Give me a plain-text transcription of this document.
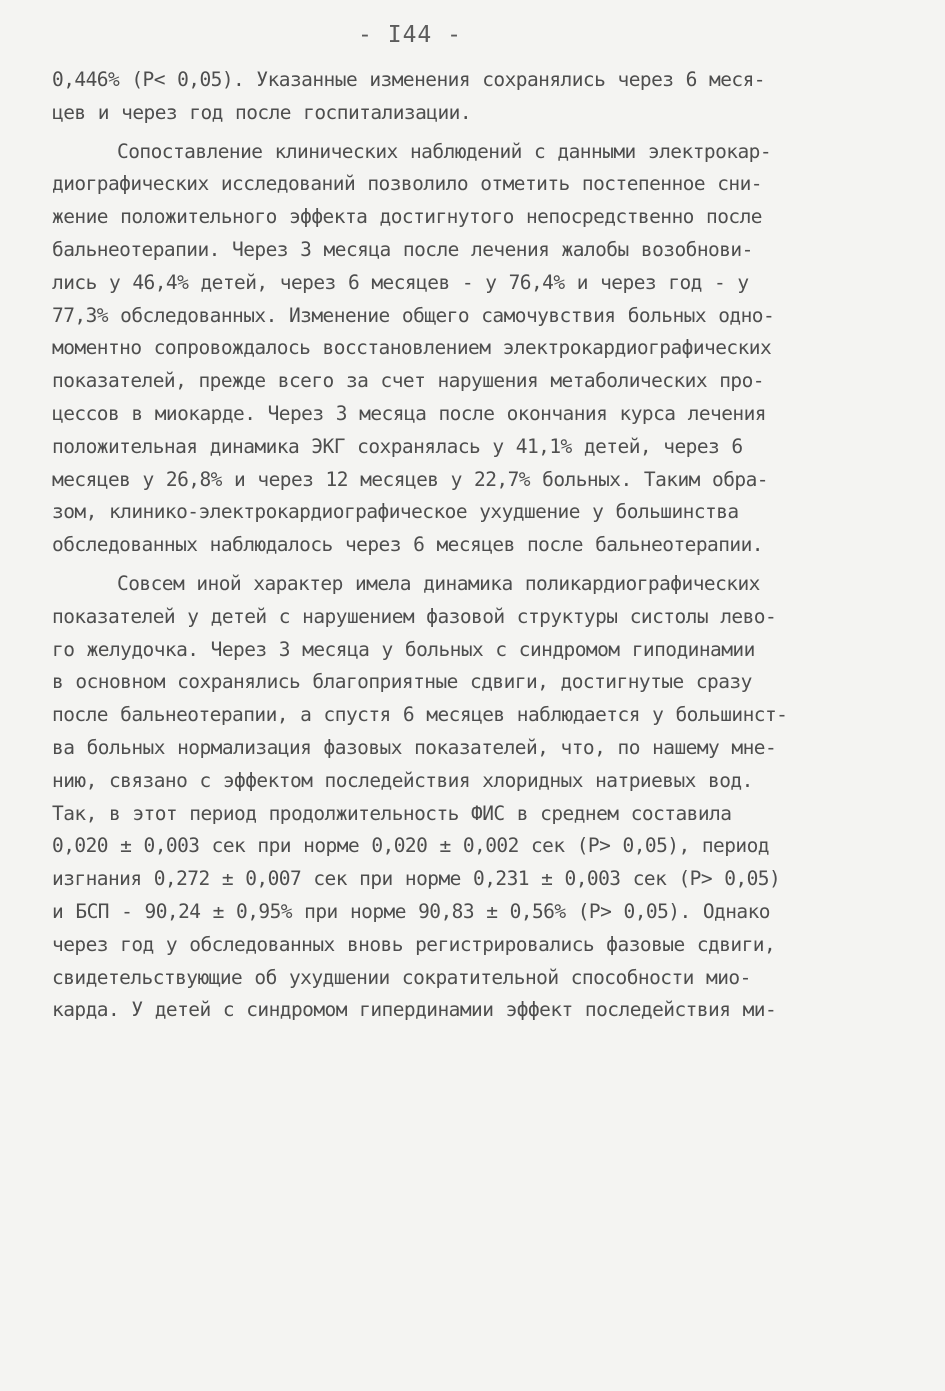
- I44 -
0,446% (P< 0,05). Указанные изменения сохранялись через 6 меся-
цев и через год после госпитализации.
Сопоставление клинических наблюдений с данными электрокар-
диографических исследований позволило отметить постепенное сни-
жение положительного эффекта достигнутого непосредственно после
бальнеотерапии. Через 3 месяца после лечения жалобы возобнови-
лись у 46,4% детей, через 6 месяцев - у 76,4% и через год - у
77,3% обследованных. Изменение общего самочувствия больных одно-
моментно сопровождалось восстановлением электрокардиографических
показателей, прежде всего за счет нарушения метаболических про-
цессов в миокарде. Через 3 месяца после окончания курса лечения
положительная динамика ЭКГ сохранялась у 41,1% детей, через 6
месяцев у 26,8% и через 12 месяцев у 22,7% больных. Таким обра-
зом, клинико-электрокардиографическое ухудшение у большинства
обследованных наблюдалось через 6 месяцев после бальнеотерапии.
Совсем иной характер имела динамика поликардиографических
показателей у детей с нарушением фазовой структуры систолы лево-
го желудочка. Через 3 месяца у больных с синдромом гиподинамии
в основном сохранялись благоприятные сдвиги, достигнутые сразу
после бальнеотерапии, а спустя 6 месяцев наблюдается у большинст-
ва больных нормализация фазовых показателей, что, по нашему мне-
нию, связано с эффектом последействия хлоридных натриевых вод.
Так, в этот период продолжительность ФИС в среднем составила
0,020 ± 0,003 сек при норме 0,020 ± 0,002 сек (P> 0,05), период
изгнания 0,272 ± 0,007 сек при норме 0,231 ± 0,003 сек (P> 0,05)
и БСП - 90,24 ± 0,95% при норме 90,83 ± 0,56% (P> 0,05). Однако
через год у обследованных вновь регистрировались фазовые сдвиги,
свидетельствующие об ухудшении сократительной способности мио-
карда. У детей с синдромом гипердинамии эффект последействия ми-
